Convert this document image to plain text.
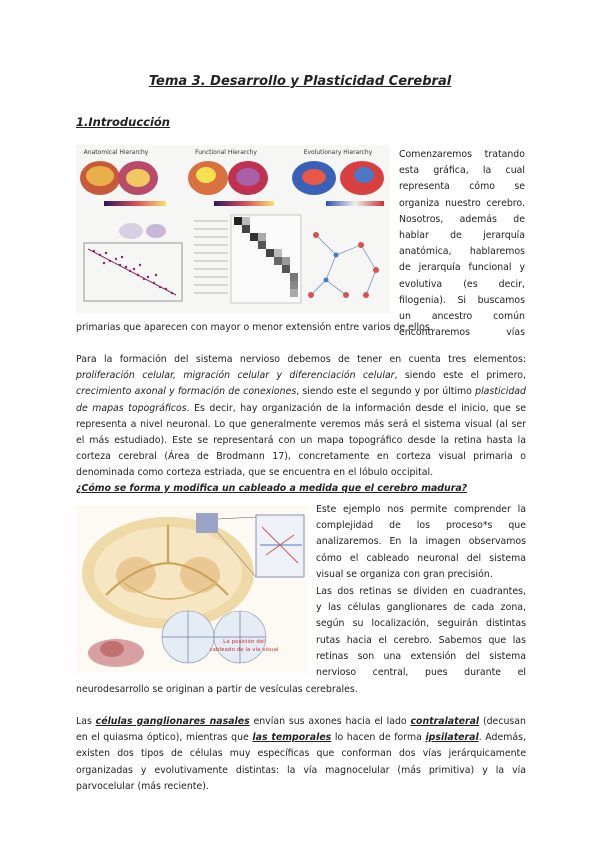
Tema 3. Desarrollo y Plasticidad Cerebral
1.Introducción
Anatomical Hierarchy	Functional Hierarchy	Evolutionary Hierarchy	Comenzaremos tratando
esta gráfica, la cual
representa cómo se
organiza nuestro cerebro.
Nosotros, además de
hablar de jerarquía
anatómica, hablaremos
de jerarquía funcional y
evolutiva (es decir,
filogenia). Si buscamos
un ancestro común
encontraremos vías
primarias que aparecen con mayor o menor extensión entre varios de ellos.

Para la formación del sistema nervioso debemos de tener en cuenta tres elementos: proliferación celular, migración celular y diferenciación celular, siendo este el primero, crecimiento axonal y formación de conexiones, siendo este el segundo y por último plasticidad de mapas topográficos. Es decir, hay organización de la información desde el inicio, que se representa a nivel neuronal. Lo que generalmente veremos más será el sistema visual (al ser el más estudiado). Este se representará con un mapa topográfico desde la retina hasta la corteza cerebral (Área de Brodmann 17), concretamente en corteza visual primaria o denominada como corteza estriada, que se encuentra en el lóbulo occipital.

¿Cómo se forma y modifica un cableado a medida que el cerebro madura?
La posición del
cableado de la vía visual
Este ejemplo nos permite comprender la
complejidad de los proceso*s que
analizaremos. En la imagen observamos
cómo el cableado neuronal del sistema
visual se organiza con gran precisión.
Las dos retinas se dividen en cuadrantes,
y las células ganglionares de cada zona,
según su localización, seguirán distintas
rutas hacia el cerebro. Sabemos que las
retinas son una extensión del sistema
nervioso central, pues durante el
neurodesarrollo se originan a partir de vesículas cerebrales.

Las células ganglionares nasales envían sus axones hacia el lado contralateral (decusan en el quiasma óptico), mientras que las temporales lo hacen de forma ipsilateral. Además, existen dos tipos de células muy específicas que conforman dos vías jerárquicamente organizadas y evolutivamente distintas: la vía magnocelular (más primitiva) y la vía parvocelular (más reciente).
